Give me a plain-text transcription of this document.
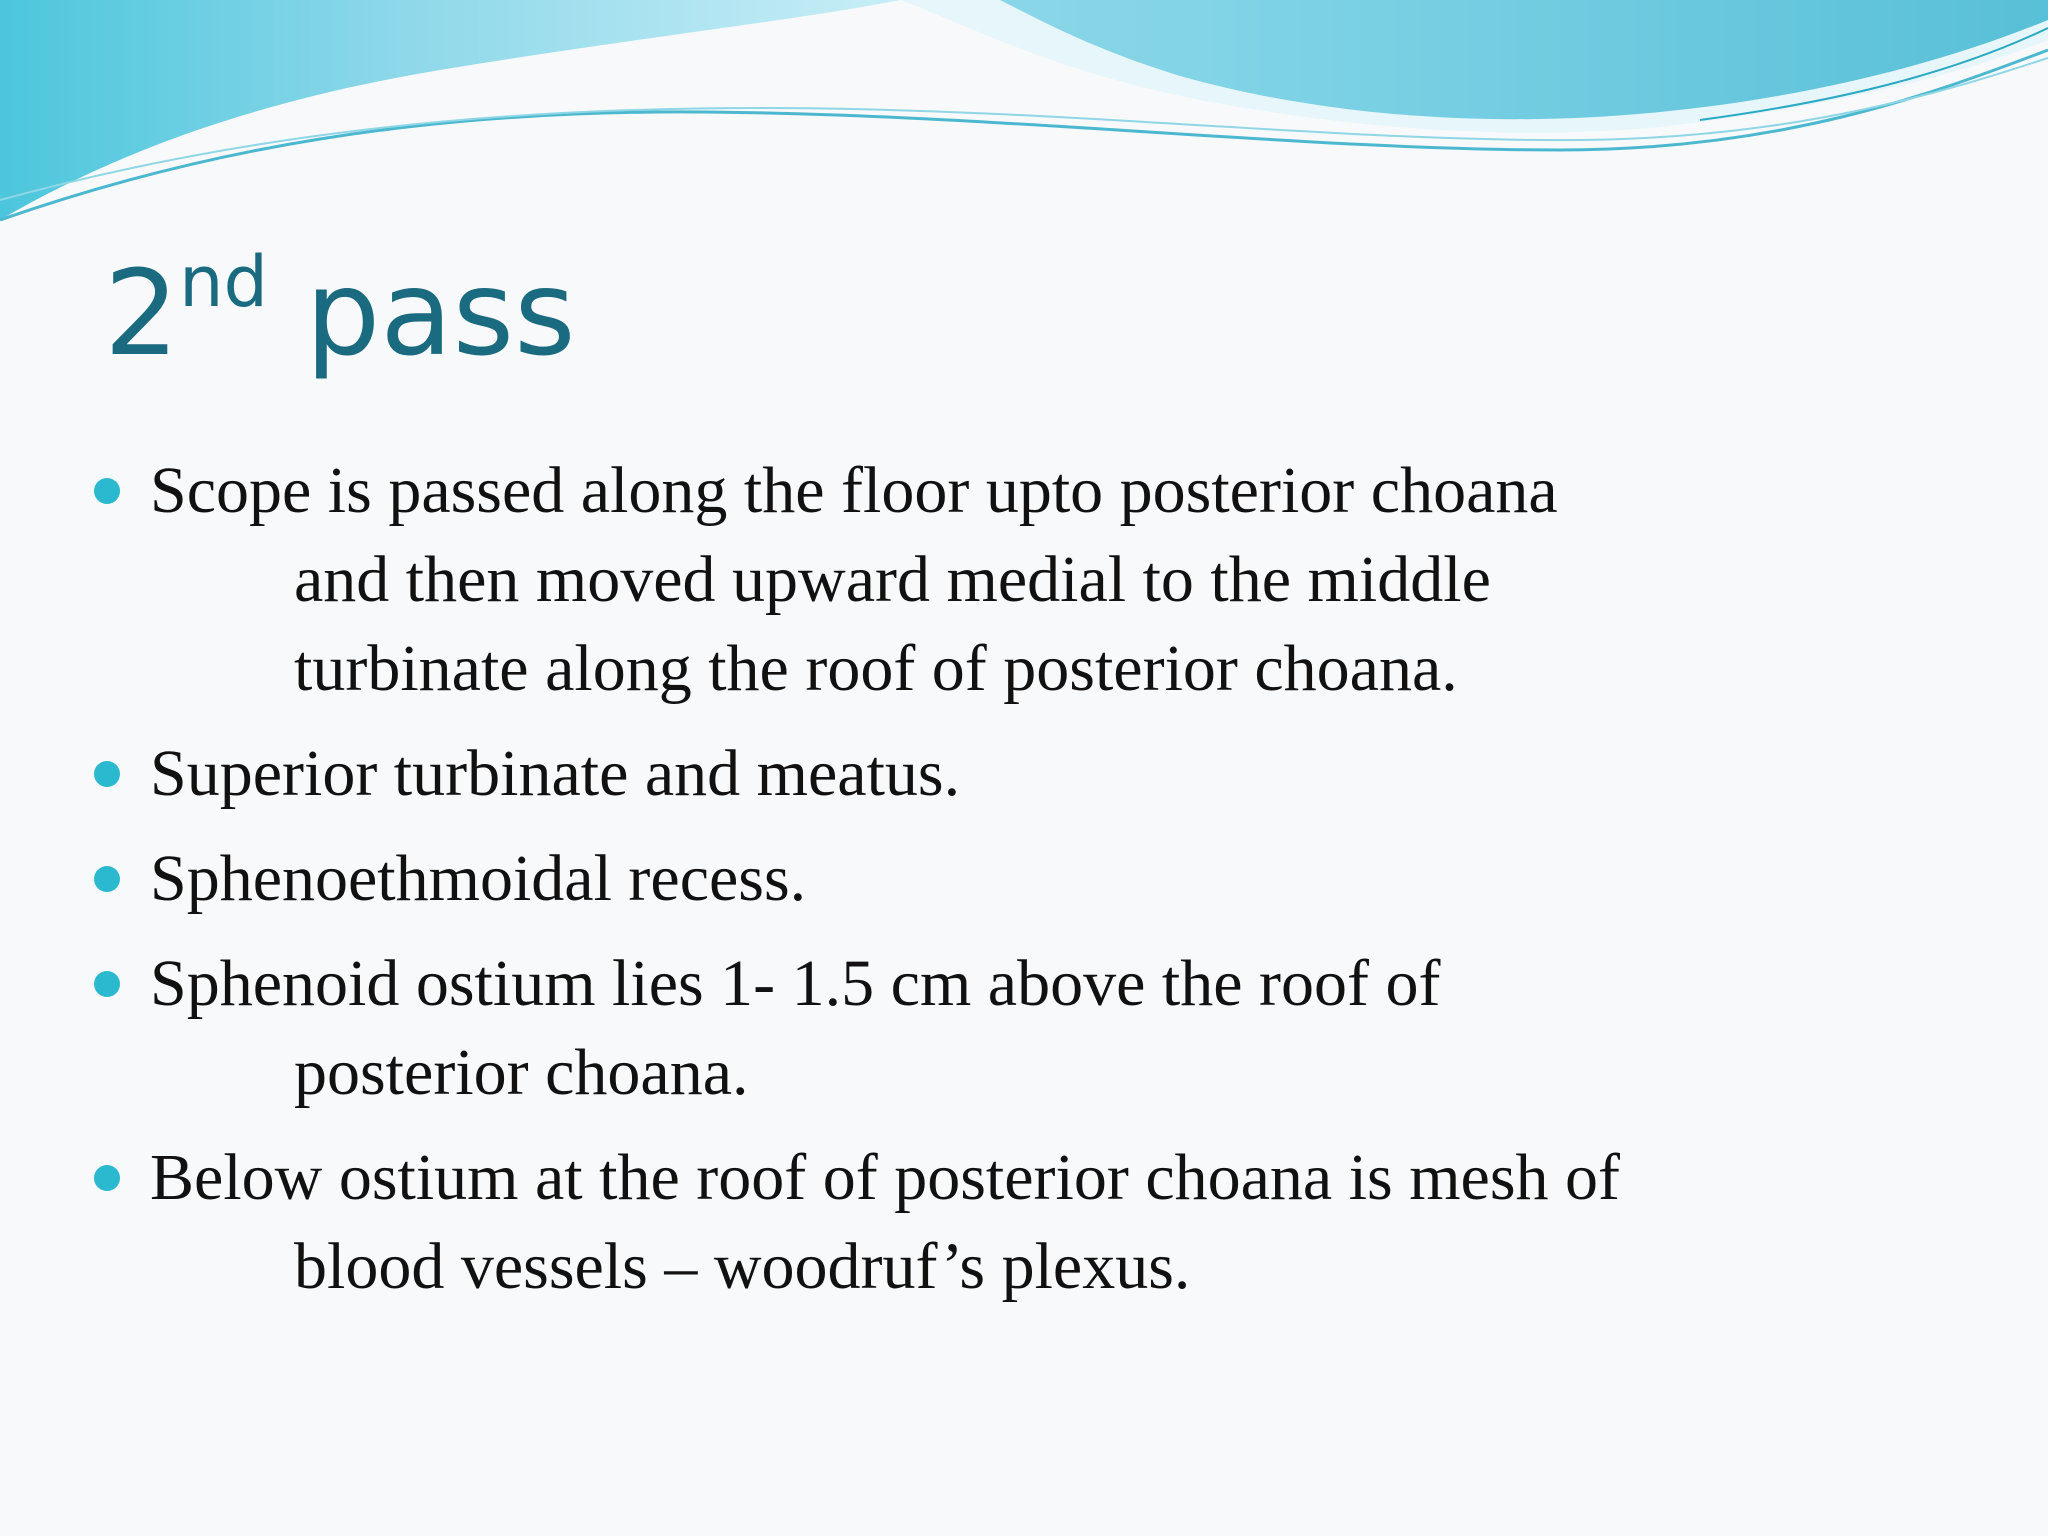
2nd pass
Scope is passed along the floor upto posterior choana
and then moved upward medial to the middle
turbinate along the roof of posterior choana.
Superior turbinate and meatus.
Sphenoethmoidal recess.
Sphenoid ostium lies 1- 1.5 cm above the roof of
posterior choana.
Below ostium at the roof of posterior choana is mesh of
blood vessels – woodruf’s plexus.
